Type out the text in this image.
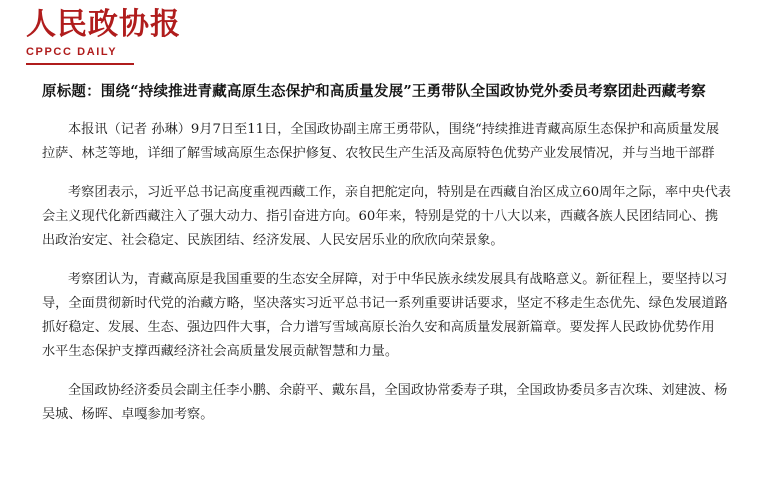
人民政协报
CPPCC DAILY
原标题：围绕“持续推进青藏高原生态保护和高质量发展”王勇带队全国政协党外委员考察团赴西藏考察

本报讯（记者 孙琳）9月7日至11日，全国政协副主席王勇带队，围绕“持续推进青藏高原生态保护和高质量发展

拉萨、林芝等地，详细了解雪域高原生态保护修复、农牧民生产生活及高原特色优势产业发展情况，并与当地干部群

考察团表示，习近平总书记高度重视西藏工作，亲自把舵定向，特别是在西藏自治区成立60周年之际，率中央代表

会主义现代化新西藏注入了强大动力、指引奋进方向。60年来，特别是党的十八大以来，西藏各族人民团结同心、携

出政治安定、社会稳定、民族团结、经济发展、人民安居乐业的欣欣向荣景象。

考察团认为，青藏高原是我国重要的生态安全屏障，对于中华民族永续发展具有战略意义。新征程上，要坚持以习

导，全面贯彻新时代党的治藏方略，坚决落实习近平总书记一系列重要讲话要求，坚定不移走生态优先、绿色发展道路

抓好稳定、发展、生态、强边四件大事，合力谱写雪域高原长治久安和高质量发展新篇章。要发挥人民政协优势作用

水平生态保护支撑西藏经济社会高质量发展贡献智慧和力量。

全国政协经济委员会副主任李小鹏、余蔚平、戴东昌，全国政协常委寿子琪，全国政协委员多吉次珠、刘建波、杨

吴城、杨晖、卓嘎参加考察。
